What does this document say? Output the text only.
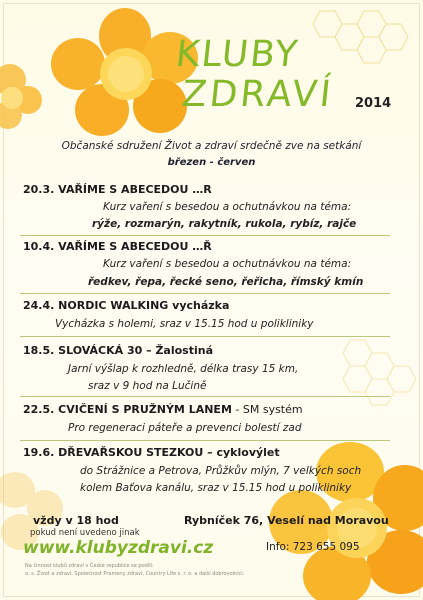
KLUBY
ZDRAVÍ 2014
Občanské sdružení Život a zdraví srdečně zve na setkání
březen - červen
20.3. VAŘÍME S ABECEDOU …R
Kurz vaření s besedou a ochutnávkou na téma:
rýže, rozmarýn, rakytník, rukola, rybíz, rajče
10.4. VAŘÍME S ABECEDOU …Ř
Kurz vaření s besedou a ochutnávkou na téma:
ředkev, řepa, řecké seno, řeřicha, římský kmín
24.4. NORDIC WALKING vycházka
Vycházka s holemi, sraz v 15.15 hod u polikliniky
18.5. SLOVÁCKÁ 30 – Žalostiná
Jarní výšlap k rozhledně, délka trasy 15 km,
sraz v 9 hod na Lučině
22.5. CVIČENÍ S PRUŽNÝM LANEM - SM systém
Pro regeneraci páteře a prevenci bolestí zad
19.6. DŘEVAŘSKOU STEZKOU – cyklovýlet
do Strážnice a Petrova, Průžkův mlýn, 7 velkých soch
kolem Baťova kanálu, sraz v 15.15 hod u polikliniky
vždy v 18 hod
pokud není uvedeno jinak
Rybníček 76, Veselí nad Moravou
Info: 723 655 095
www.klubyzdravi.cz
Na činnost klubů zdraví v České republice se podílí:
o. s. Život a zdraví, Společnost Prameny zdraví, Country Life s. r. o. a další dobrovolníci.
